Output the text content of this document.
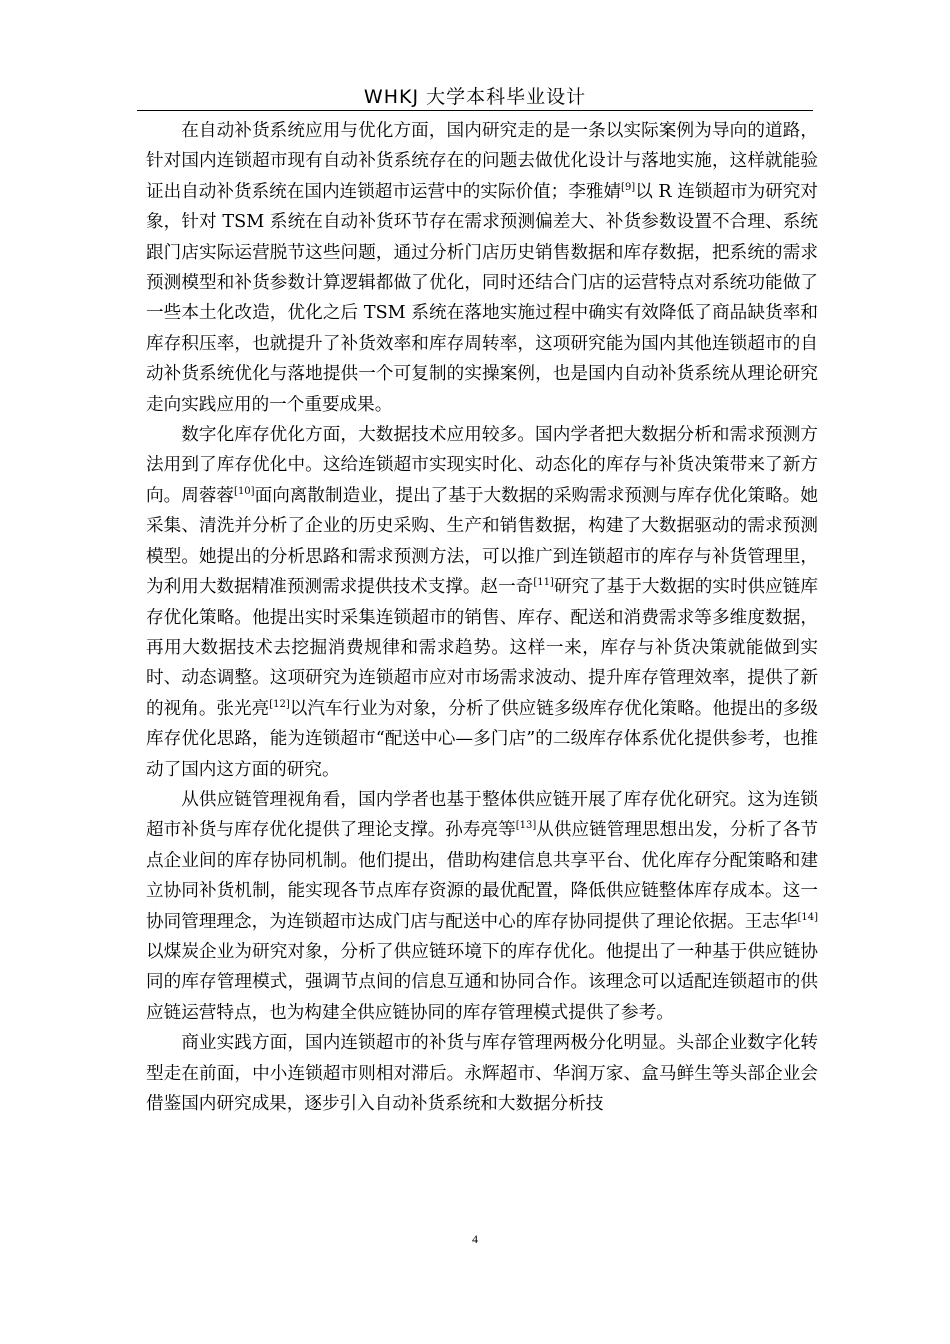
WHKJ 大学本科毕业设计

在自动补货系统应用与优化方面，国内研究走的是一条以实际案例为导向的道路，针对国内连锁超市现有自动补货系统存在的问题去做优化设计与落地实施，这样就能验证出自动补货系统在国内连锁超市运营中的实际价值；李雅婧[9]以 R 连锁超市为研究对象，针对 TSM 系统在自动补货环节存在需求预测偏差大、补货参数设置不合理、系统跟门店实际运营脱节这些问题，通过分析门店历史销售数据和库存数据，把系统的需求预测模型和补货参数计算逻辑都做了优化，同时还结合门店的运营特点对系统功能做了一些本土化改造，优化之后 TSM 系统在落地实施过程中确实有效降低了商品缺货率和库存积压率，也就提升了补货效率和库存周转率，这项研究能为国内其他连锁超市的自动补货系统优化与落地提供一个可复制的实操案例，也是国内自动补货系统从理论研究走向实践应用的一个重要成果。

数字化库存优化方面，大数据技术应用较多。国内学者把大数据分析和需求预测方法用到了库存优化中。这给连锁超市实现实时化、动态化的库存与补货决策带来了新方向。周蓉蓉[10]面向离散制造业，提出了基于大数据的采购需求预测与库存优化策略。她采集、清洗并分析了企业的历史采购、生产和销售数据，构建了大数据驱动的需求预测模型。她提出的分析思路和需求预测方法，可以推广到连锁超市的库存与补货管理里，为利用大数据精准预测需求提供技术支撑。赵一奇[11]研究了基于大数据的实时供应链库存优化策略。他提出实时采集连锁超市的销售、库存、配送和消费需求等多维度数据，再用大数据技术去挖掘消费规律和需求趋势。这样一来，库存与补货决策就能做到实时、动态调整。这项研究为连锁超市应对市场需求波动、提升库存管理效率，提供了新的视角。张光亮[12]以汽车行业为对象，分析了供应链多级库存优化策略。他提出的多级库存优化思路，能为连锁超市“配送中心—多门店”的二级库存体系优化提供参考，也推动了国内这方面的研究。

从供应链管理视角看，国内学者也基于整体供应链开展了库存优化研究。这为连锁超市补货与库存优化提供了理论支撑。孙寿亮等[13]从供应链管理思想出发，分析了各节点企业间的库存协同机制。他们提出，借助构建信息共享平台、优化库存分配策略和建立协同补货机制，能实现各节点库存资源的最优配置，降低供应链整体库存成本。这一协同管理理念，为连锁超市达成门店与配送中心的库存协同提供了理论依据。王志华[14]以煤炭企业为研究对象，分析了供应链环境下的库存优化。他提出了一种基于供应链协同的库存管理模式，强调节点间的信息互通和协同合作。该理念可以适配连锁超市的供应链运营特点，也为构建全供应链协同的库存管理模式提供了参考。

商业实践方面，国内连锁超市的补货与库存管理两极分化明显。头部企业数字化转型走在前面，中小连锁超市则相对滞后。永辉超市、华润万家、盒马鲜生等头部企业会借鉴国内研究成果，逐步引入自动补货系统和大数据分析技

4
